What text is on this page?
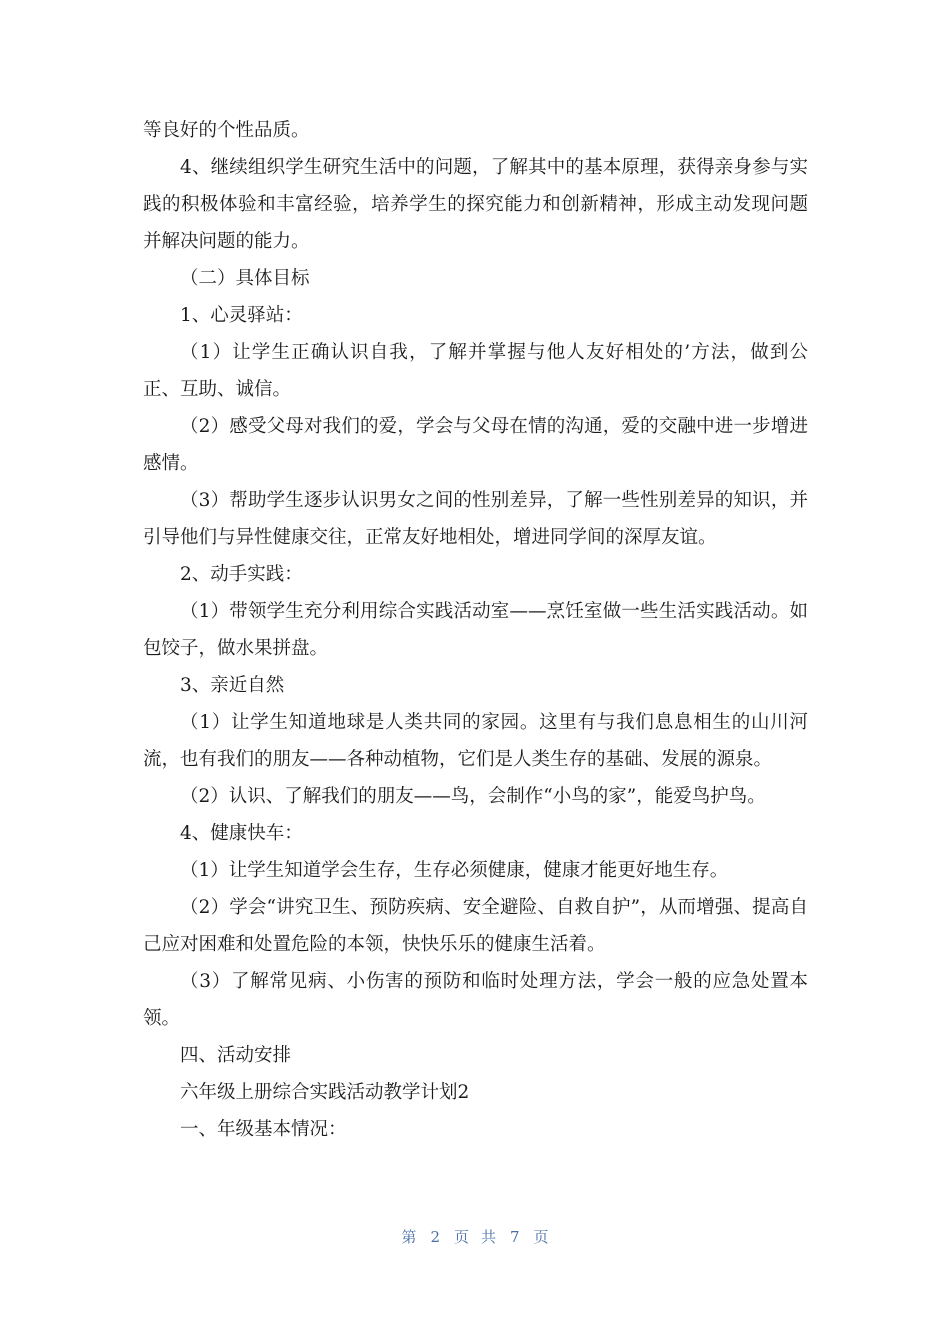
等良好的个性品质。

4、继续组织学生研究生活中的问题，了解其中的基本原理，获得亲身参与实践的积极体验和丰富经验，培养学生的探究能力和创新精神，形成主动发现问题并解决问题的能力。

（二）具体目标

1、心灵驿站：

（1）让学生正确认识自我，了解并掌握与他人友好相处的’方法，做到公正、互助、诚信。

（2）感受父母对我们的爱，学会与父母在情的沟通，爱的交融中进一步增进感情。

（3）帮助学生逐步认识男女之间的性别差异，了解一些性别差异的知识，并引导他们与异性健康交往，正常友好地相处，增进同学间的深厚友谊。

2、动手实践：

（1）带领学生充分利用综合实践活动室——烹饪室做一些生活实践活动。如包饺子，做水果拼盘。

3、亲近自然

（1）让学生知道地球是人类共同的家园。这里有与我们息息相生的山川河流，也有我们的朋友——各种动植物，它们是人类生存的基础、发展的源泉。

（2）认识、了解我们的朋友——鸟，会制作“小鸟的家”，能爱鸟护鸟。

4、健康快车：

（1）让学生知道学会生存，生存必须健康，健康才能更好地生存。

（2）学会“讲究卫生、预防疾病、安全避险、自救自护”，从而增强、提高自己应对困难和处置危险的本领，快快乐乐的健康生活着。

（3）了解常见病、小伤害的预防和临时处理方法，学会一般的应急处置本领。

四、活动安排

六年级上册综合实践活动教学计划2

一、年级基本情况：

第 2 页共 7 页
